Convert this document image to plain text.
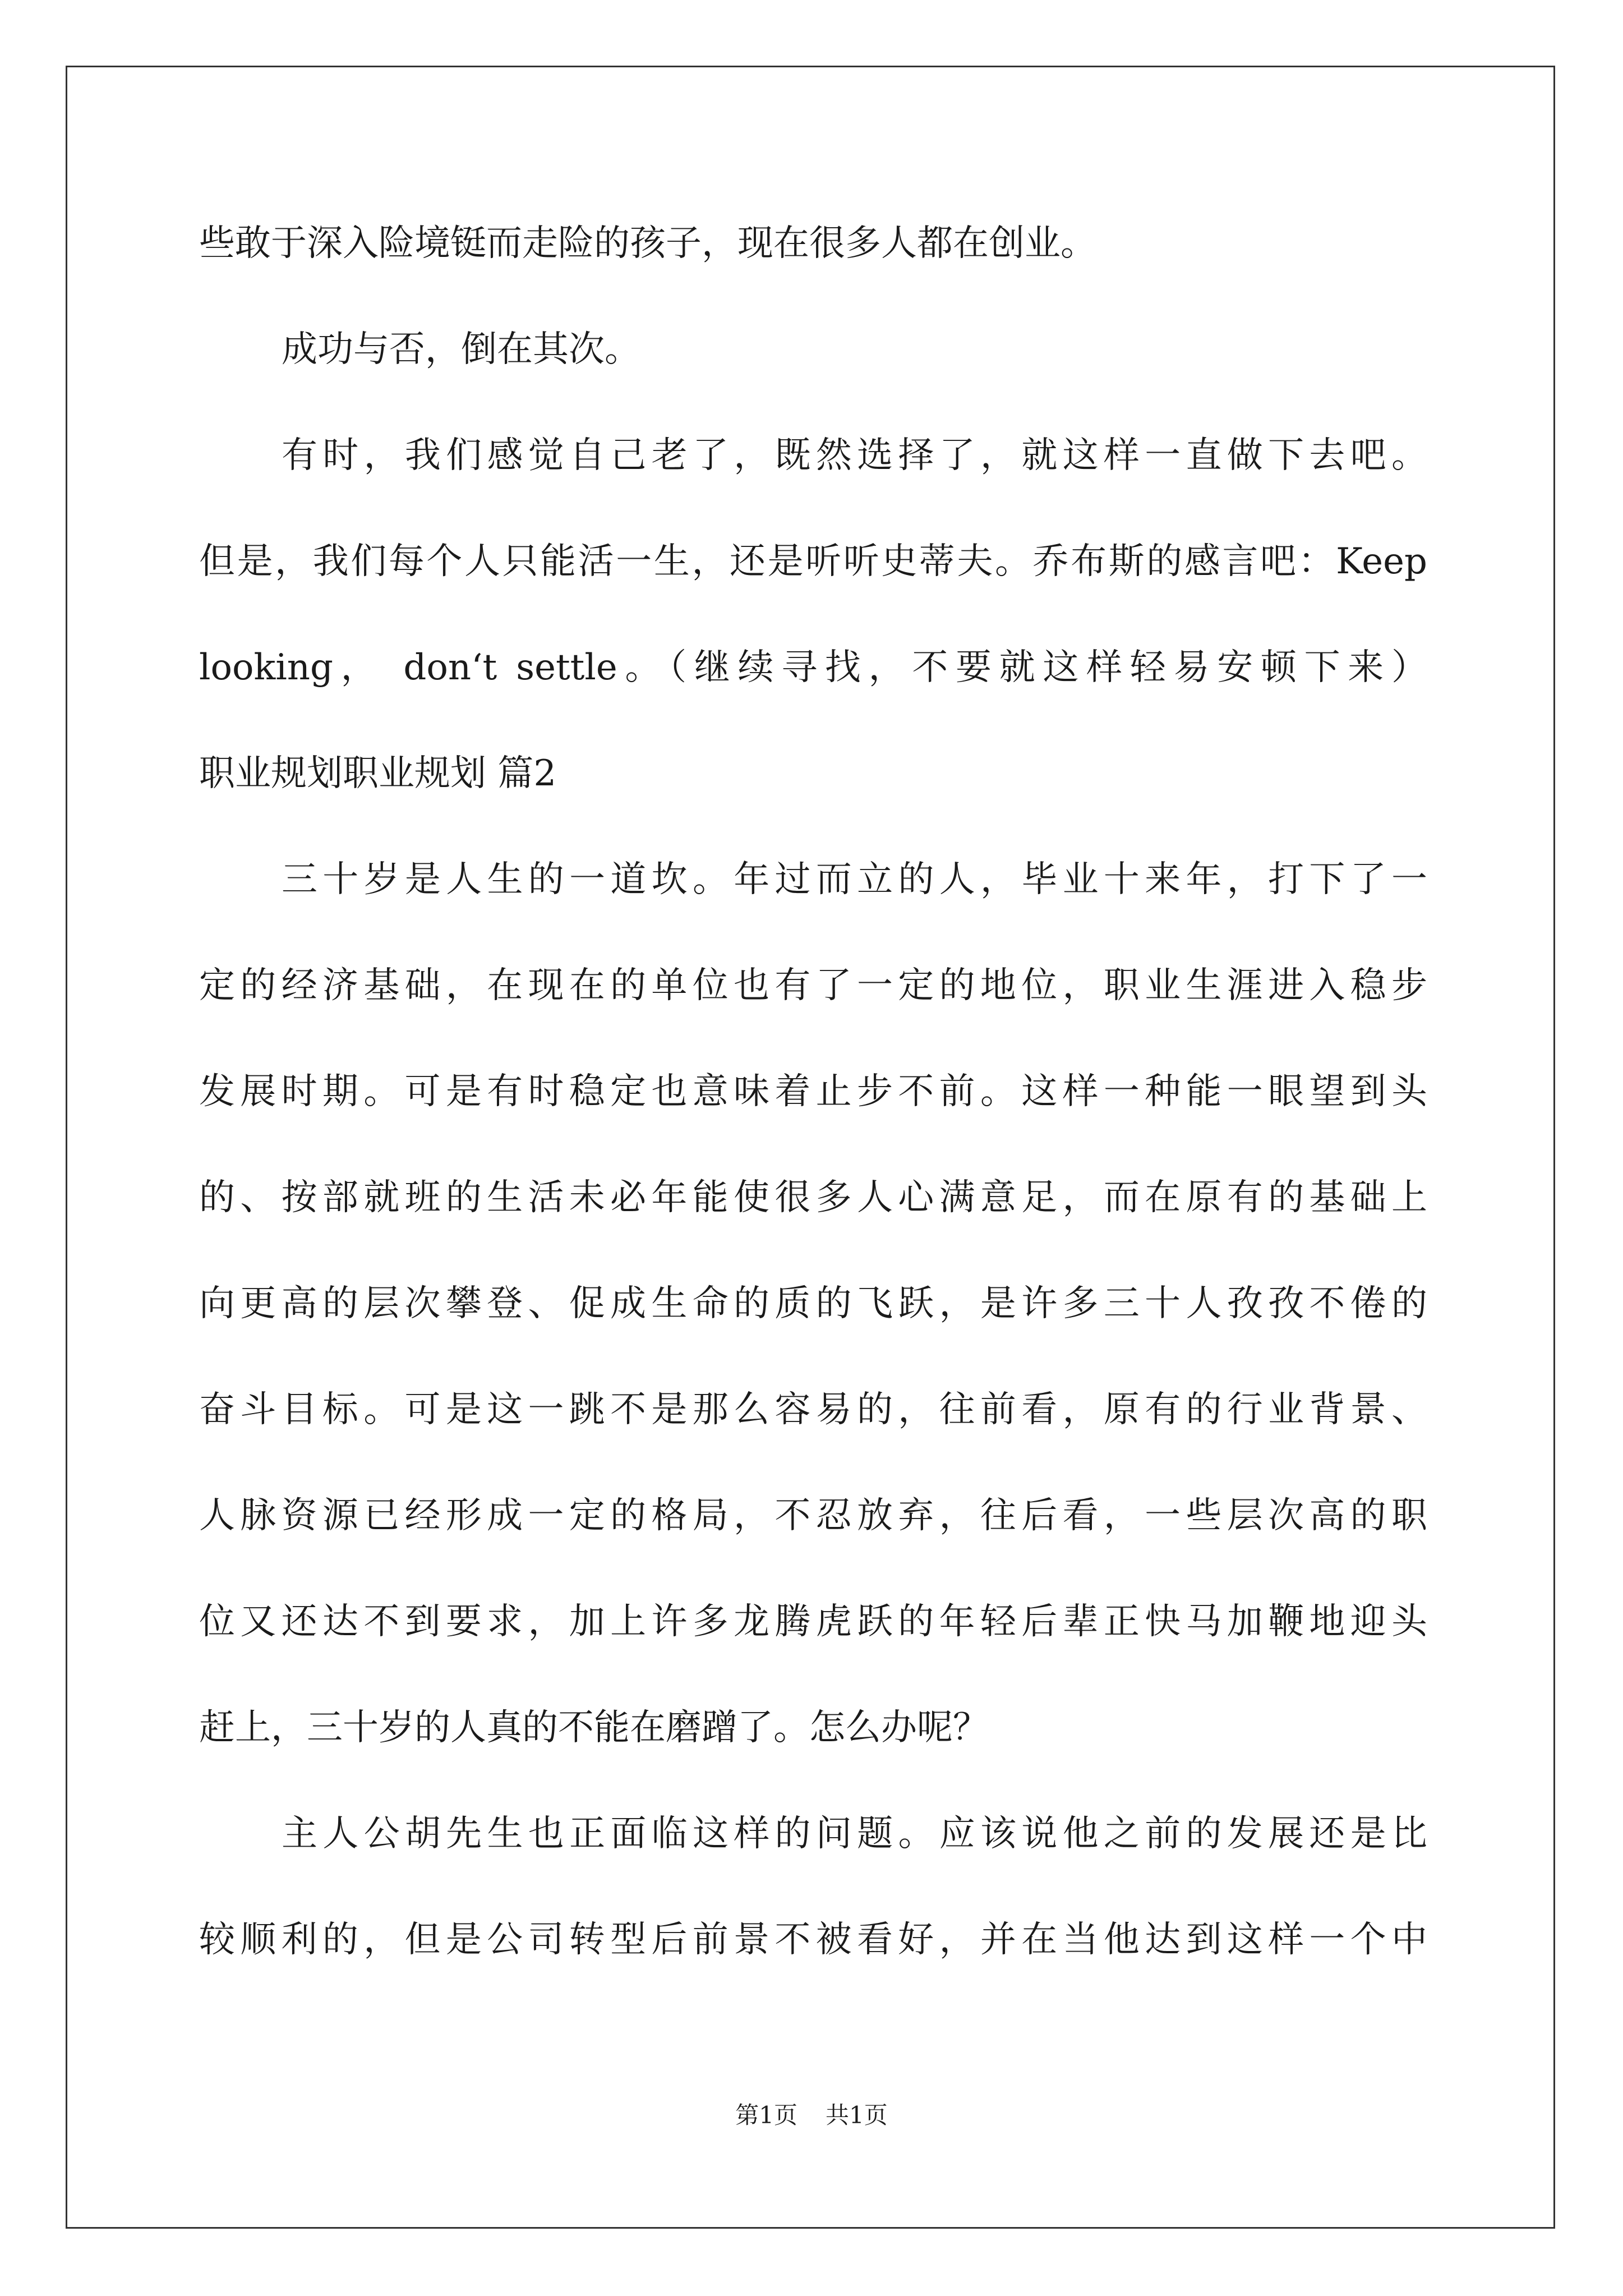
些敢于深入险境铤而走险的孩子，现在很多人都在创业。
成功与否，倒在其次。
有时，我们感觉自己老了，既然选择了，就这样一直做下去吧。
但是，我们每个人只能活一生，还是听听史蒂夫。乔布斯的感言吧：Keep
looking， don‘t settle。（继续寻找，不要就这样轻易安顿下来）
职业规划职业规划 篇2
三十岁是人生的一道坎。年过而立的人，毕业十来年，打下了一
定的经济基础，在现在的单位也有了一定的地位，职业生涯进入稳步
发展时期。可是有时稳定也意味着止步不前。这样一种能一眼望到头
的、按部就班的生活未必年能使很多人心满意足，而在原有的基础上
向更高的层次攀登、促成生命的质的飞跃，是许多三十人孜孜不倦的
奋斗目标。可是这一跳不是那么容易的，往前看，原有的行业背景、
人脉资源已经形成一定的格局，不忍放弃，往后看，一些层次高的职
位又还达不到要求，加上许多龙腾虎跃的年轻后辈正快马加鞭地迎头
赶上，三十岁的人真的不能在磨蹭了。怎么办呢？
主人公胡先生也正面临这样的问题。应该说他之前的发展还是比
较顺利的，但是公司转型后前景不被看好，并在当他达到这样一个中
第1页 共1页
